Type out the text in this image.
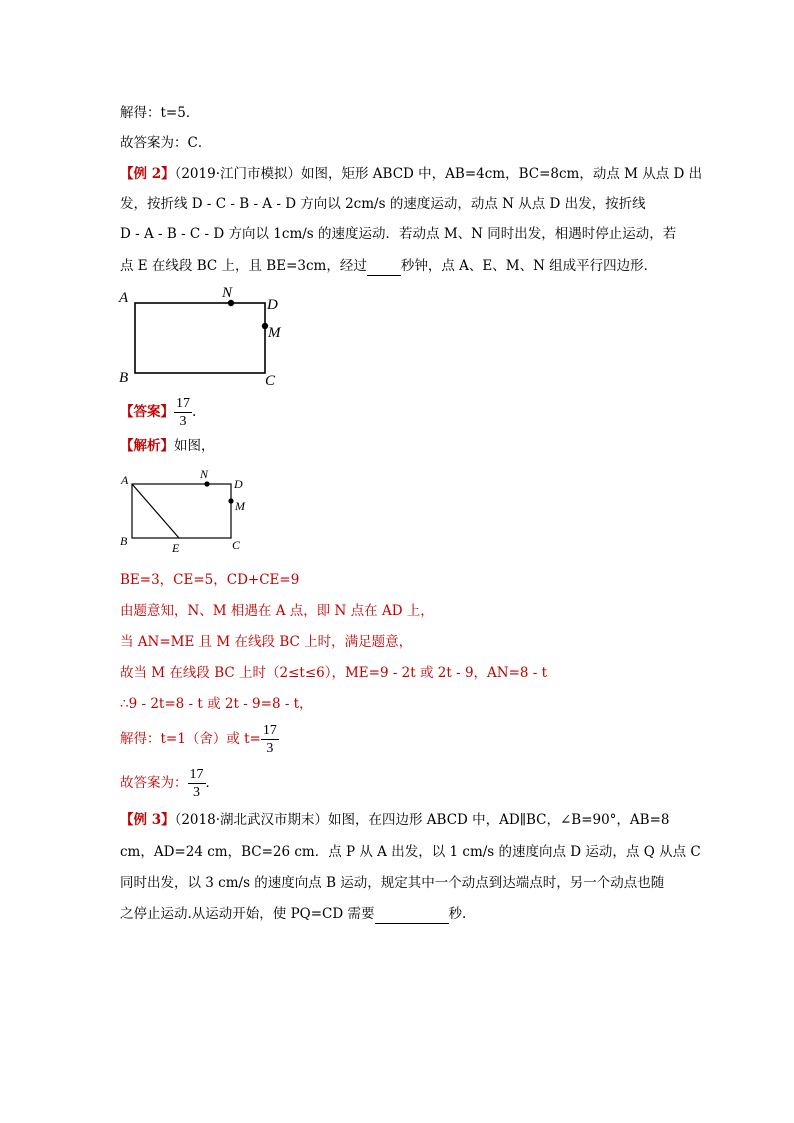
解得：t=5．
故答案为：C．
【例 2】（2019·江门市模拟）如图，矩形 ABCD 中，AB=4cm，BC=8cm，动点 M 从点 D 出
发，按折线 D - C - B - A - D 方向以 2cm/s 的速度运动，动点 N 从点 D 出发，按折线
D - A - B - C - D 方向以 1cm/s 的速度运动．若动点 M、N 同时出发，相遇时停止运动，若
点 E 在线段 BC 上，且 BE=3cm，经过	秒钟，点 A、E、M、N 组成平行四边形．
A
B	C
D
N
M
【答案】 $\frac{17}{3}$ .
【解析】如图，
A
B	C
D
N
M
E
BE=3，CE=5，CD+CE=9
由题意知，N、M 相遇在 A 点，即 N 点在 AD 上，
当 AN=ME 且 M 在线段 BC 上时，满足题意，
故当 M 在线段 BC 上时（2≤t≤6），ME=9 - 2t 或 2t - 9，AN=8 - t
∴9 - 2t=8 - t 或 2t - 9=8 - t，
解得：t=1（舍）或 $t= \frac{17}{3}$
故答案为： $\frac{17}{3}$ ．
【例 3】（2018·湖北武汉市期末）如图，在四边形 ABCD 中，AD∥BC，∠B=90°，AB=8
cm，AD=24 cm，BC=26 cm．点 P 从 A 出发，以 1 cm/s 的速度向点 D 运动，点 Q 从点 C
同时出发，以 3 cm/s 的速度向点 B 运动，规定其中一个动点到达端点时，另一个动点也随
之停止运动.从运动开始，使 PQ=CD 需要	秒.
